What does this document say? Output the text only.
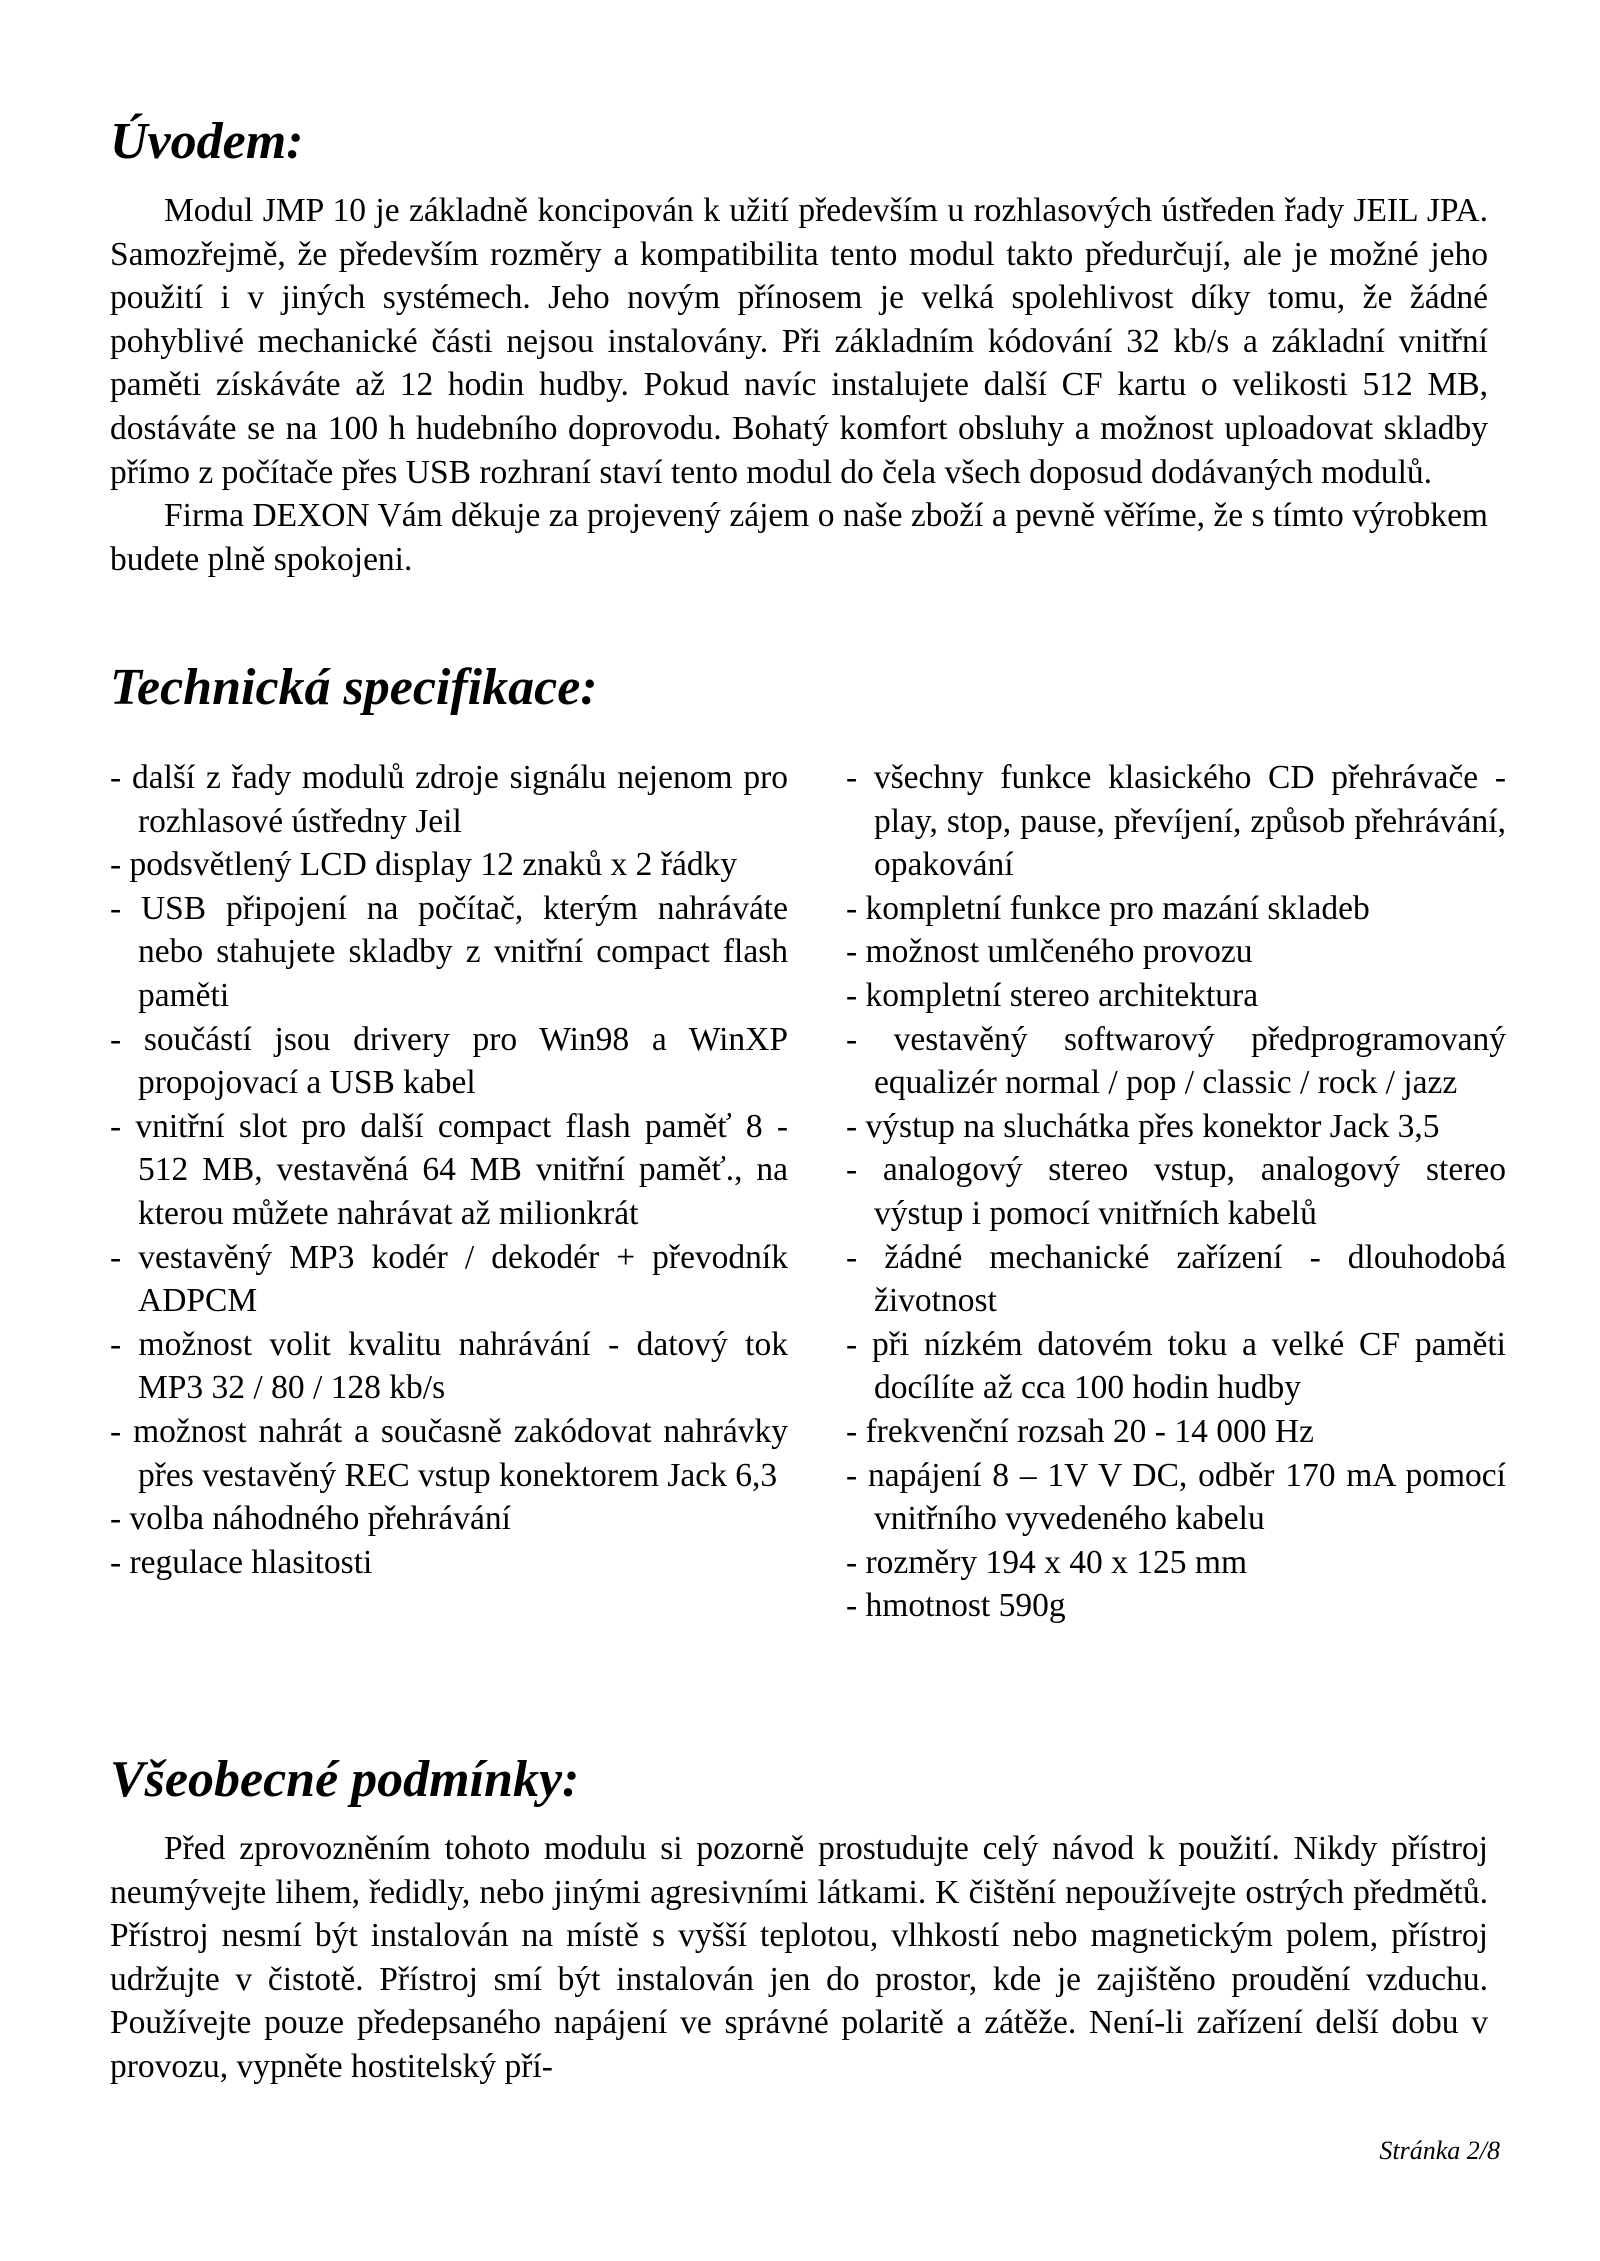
Úvodem:

Modul JMP 10 je základně koncipován k užití především u rozhlasových ústředen řady JEIL JPA. Samozřejmě, že především rozměry a kompatibilita tento modul takto předurčují, ale je možné jeho použití i v jiných systémech. Jeho novým přínosem je velká spolehlivost díky tomu, že žádné pohyblivé mechanické části nejsou instalovány. Při základním kódování 32 kb/s a základní vnitřní paměti získáváte až 12 hodin hudby. Pokud navíc instalujete další CF kartu o velikosti 512 MB, dostáváte se na 100 h hudebního doprovodu. Bohatý komfort obsluhy a možnost uploadovat skladby přímo z počítače přes USB rozhraní staví tento modul do čela všech doposud dodávaných modulů.

Firma DEXON Vám děkuje za projevený zájem o naše zboží a pevně věříme, že s tímto výrobkem budete plně spokojeni.

Technická specifikace:
- další z řady modulů zdroje signálu nejenom pro rozhlasové ústředny Jeil
- podsvětlený LCD display 12 znaků x 2 řádky
- USB připojení na počítač, kterým nahráváte nebo stahujete skladby z vnitřní compact flash paměti
- součástí jsou drivery pro Win98 a WinXP propojovací a USB kabel
- vnitřní slot pro další compact flash paměť 8 - 512 MB, vestavěná 64 MB vnitřní paměť., na kterou můžete nahrávat až milionkrát
- vestavěný MP3 kodér / dekodér + převodník ADPCM
- možnost volit kvalitu nahrávání - datový tok MP3 32 / 80 / 128 kb/s
- možnost nahrát a současně zakódovat nahrávky přes vestavěný REC vstup konektorem Jack 6,3
- volba náhodného přehrávání
- regulace hlasitosti
- všechny funkce klasického CD přehrávače - play, stop, pause, převíjení, způsob přehrávání, opakování
- kompletní funkce pro mazání skladeb
- možnost umlčeného provozu
- kompletní stereo architektura
- vestavěný softwarový předprogramovaný equalizér normal / pop / classic / rock / jazz
- výstup na sluchátka přes konektor Jack 3,5
- analogový stereo vstup, analogový stereo výstup i pomocí vnitřních kabelů
- žádné mechanické zařízení - dlouhodobá životnost
- při nízkém datovém toku a velké CF paměti docílíte až cca 100 hodin hudby
- frekvenční rozsah 20 - 14 000 Hz
- napájení 8 – 1V V DC, odběr 170 mA pomocí vnitřního vyvedeného kabelu
- rozměry 194 x 40 x 125 mm
- hmotnost 590g
Všeobecné podmínky:

Před zprovozněním tohoto modulu si pozorně prostudujte celý návod k použití. Nikdy přístroj neumývejte lihem, ředidly, nebo jinými agresivními látkami. K čištění nepoužívejte ostrých předmětů. Přístroj nesmí být instalován na místě s vyšší teplotou, vlhkostí nebo magnetickým polem, přístroj udržujte v čistotě. Přístroj smí být instalován jen do prostor, kde je zajištěno proudění vzduchu. Používejte pouze předepsaného napájení ve správné polaritě a zátěže. Není-li zařízení delší dobu v provozu, vypněte hostitelský pří-

Stránka 2/8
